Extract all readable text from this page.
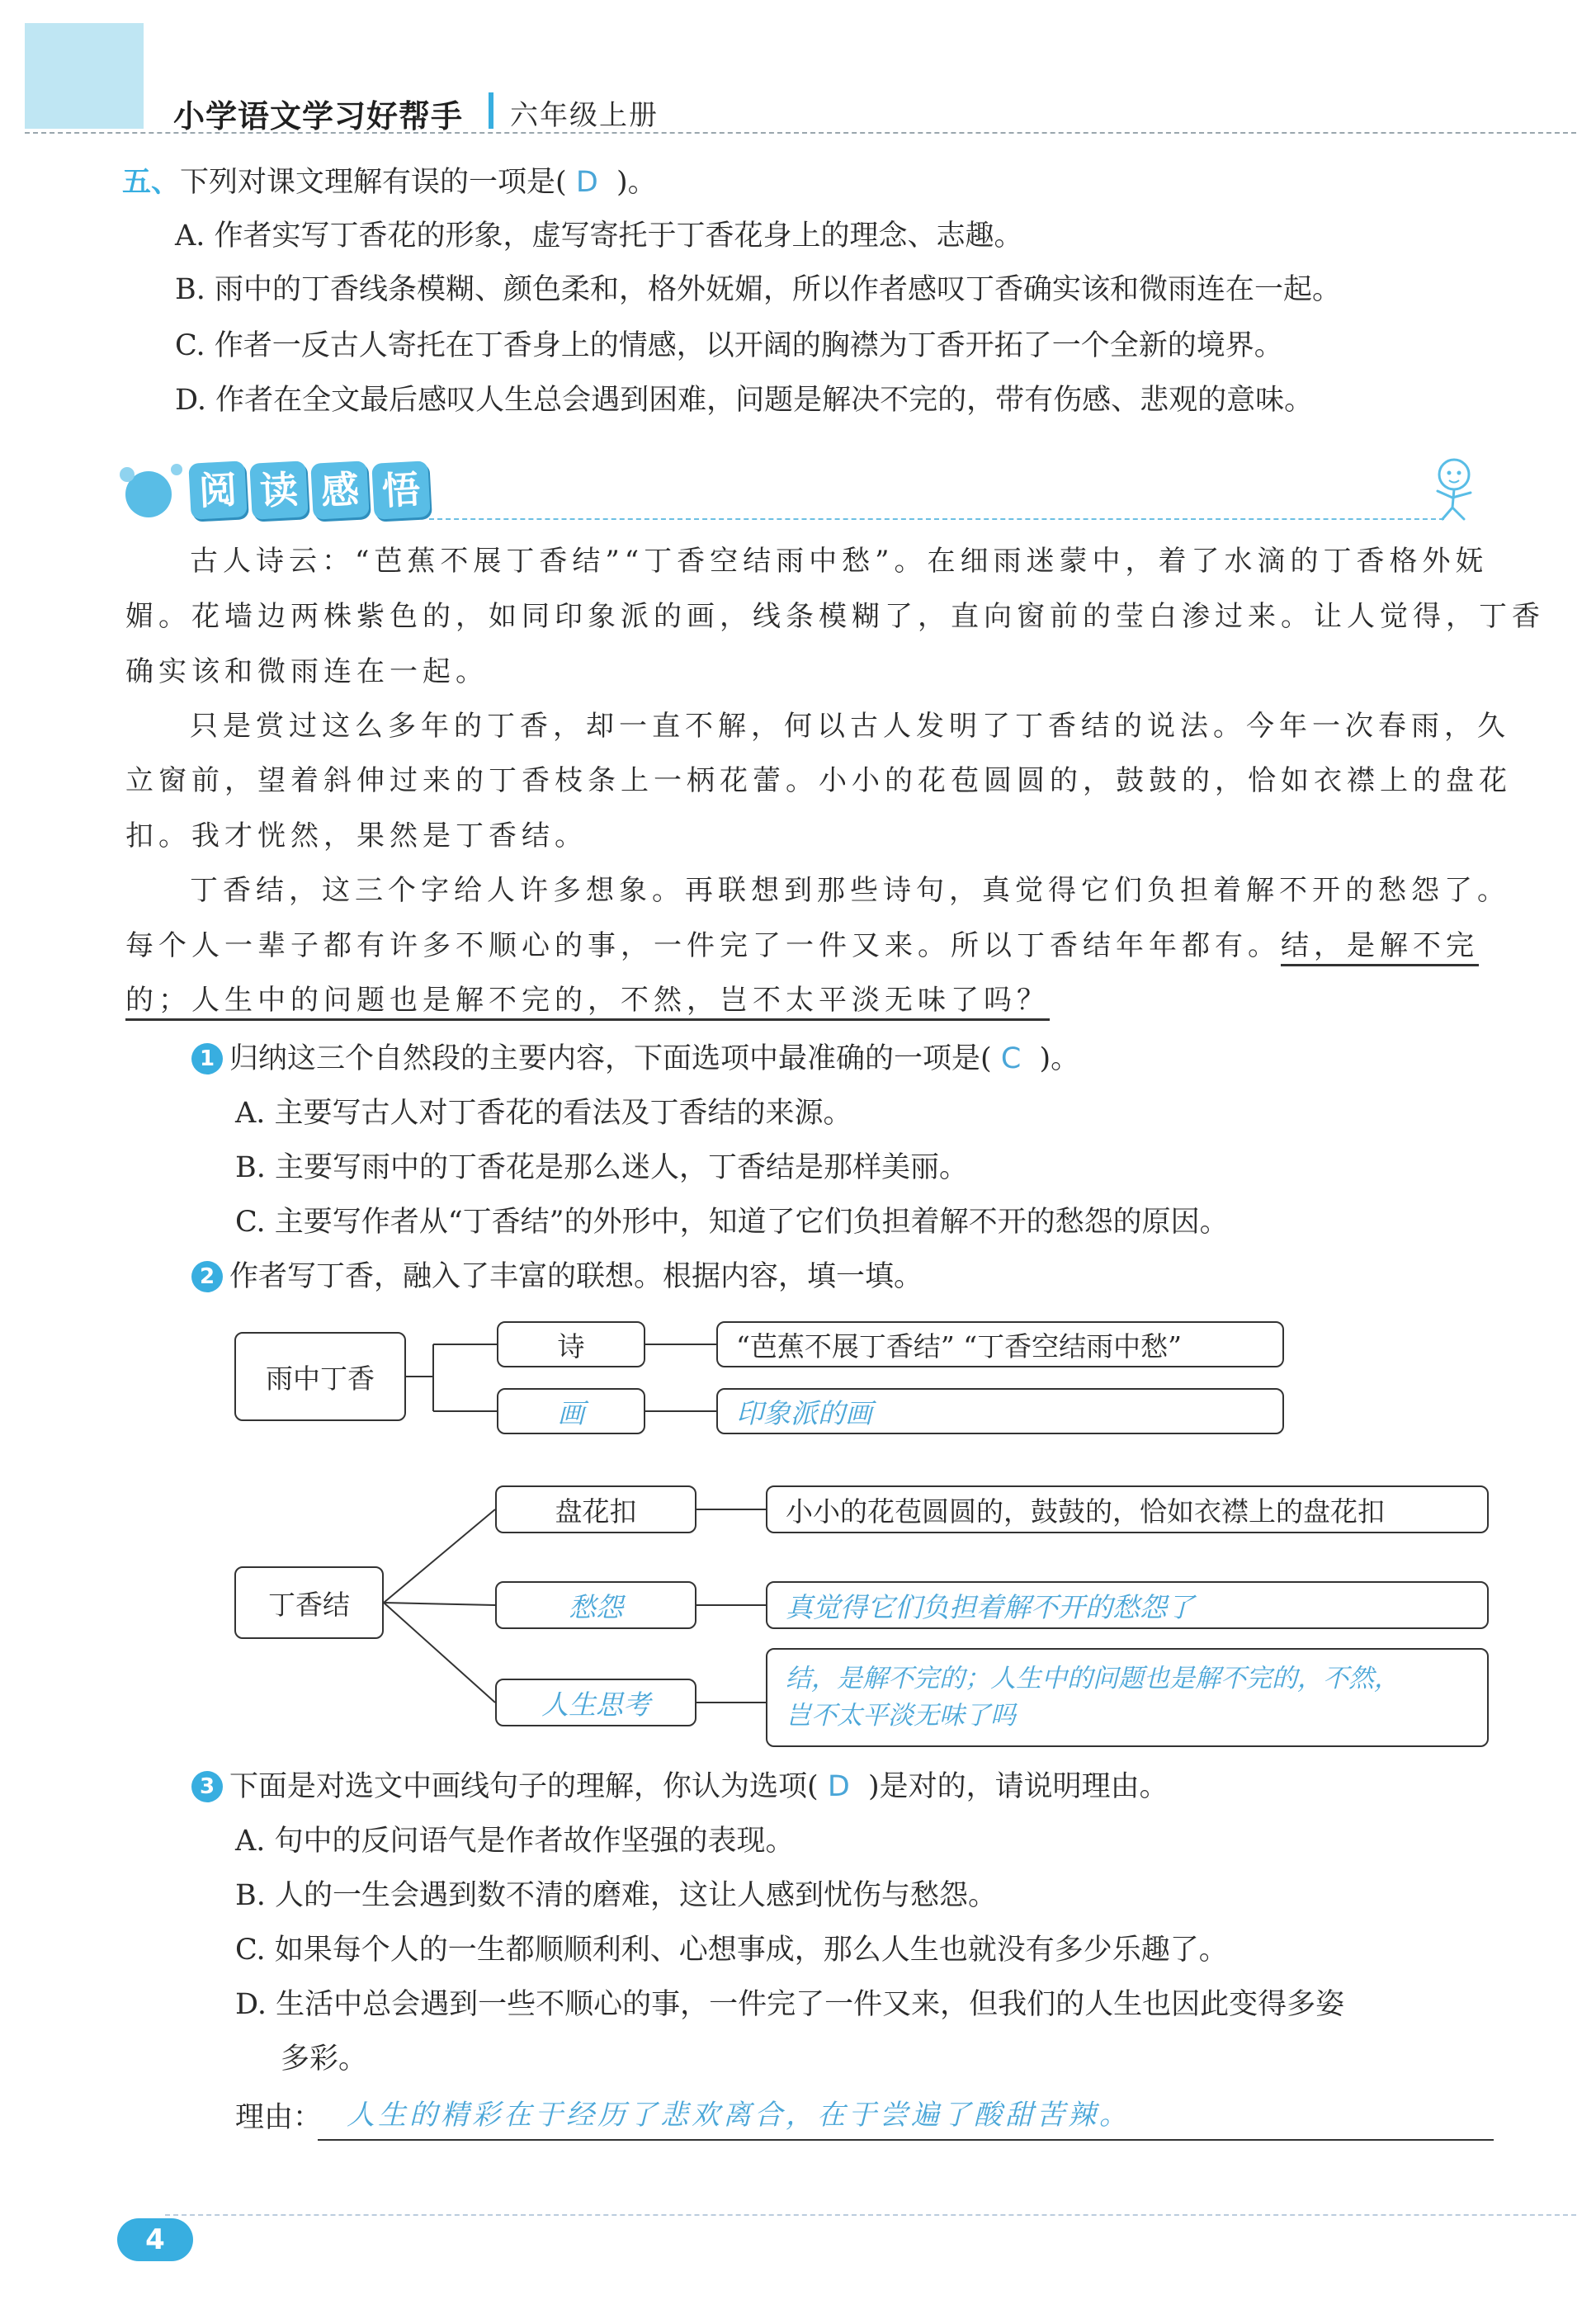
小学语文学习好帮手 六年级上册
五、下列对课文理解有误的一项是( D )。
A. 作者实写丁香花的形象，虚写寄托于丁香花身上的理念、志趣。
B. 雨中的丁香线条模糊、颜色柔和，格外妩媚，所以作者感叹丁香确实该和微雨连在一起。
C. 作者一反古人寄托在丁香身上的情感，以开阔的胸襟为丁香开拓了一个全新的境界。
D. 作者在全文最后感叹人生总会遇到困难，问题是解决不完的，带有伤感、悲观的意味。
阅 读 感 悟
古人诗云：“芭蕉不展丁香结”“丁香空结雨中愁”。在细雨迷蒙中，着了水滴的丁香格外妩
媚。花墙边两株紫色的，如同印象派的画，线条模糊了，直向窗前的莹白渗过来。让人觉得，丁香
确实该和微雨连在一起。
只是赏过这么多年的丁香，却一直不解，何以古人发明了丁香结的说法。今年一次春雨，久
立窗前，望着斜伸过来的丁香枝条上一柄花蕾。小小的花苞圆圆的，鼓鼓的，恰如衣襟上的盘花
扣。我才恍然，果然是丁香结。
丁香结，这三个字给人许多想象。再联想到那些诗句，真觉得它们负担着解不开的愁怨了。
每个人一辈子都有许多不顺心的事，一件完了一件又来。所以丁香结年年都有。结，是解不完
的；人生中的问题也是解不完的，不然，岂不太平淡无味了吗？
1 归纳这三个自然段的主要内容，下面选项中最准确的一项是( C )。
A. 主要写古人对丁香花的看法及丁香结的来源。
B. 主要写雨中的丁香花是那么迷人，丁香结是那样美丽。
C. 主要写作者从“丁香结”的外形中，知道了它们负担着解不开的愁怨的原因。
2 作者写丁香，融入了丰富的联想。根据内容，填一填。
雨中丁香
诗	“芭蕉不展丁香结” “丁香空结雨中愁”
画	印象派的画
丁香结
盘花扣	小小的花苞圆圆的，鼓鼓的，恰如衣襟上的盘花扣
愁怨	真觉得它们负担着解不开的愁怨了
人生思考
结，是解不完的；人生中的问题也是解不完的，不然，
岂不太平淡无味了吗
3 下面是对选文中画线句子的理解，你认为选项( D )是对的，请说明理由。
A. 句中的反问语气是作者故作坚强的表现。
B. 人的一生会遇到数不清的磨难，这让人感到忧伤与愁怨。
C. 如果每个人的一生都顺顺利利、心想事成，那么人生也就没有多少乐趣了。
D. 生活中总会遇到一些不顺心的事，一件完了一件又来，但我们的人生也因此变得多姿
多彩。
理由： 人生的精彩在于经历了悲欢离合，在于尝遍了酸甜苦辣。
4
